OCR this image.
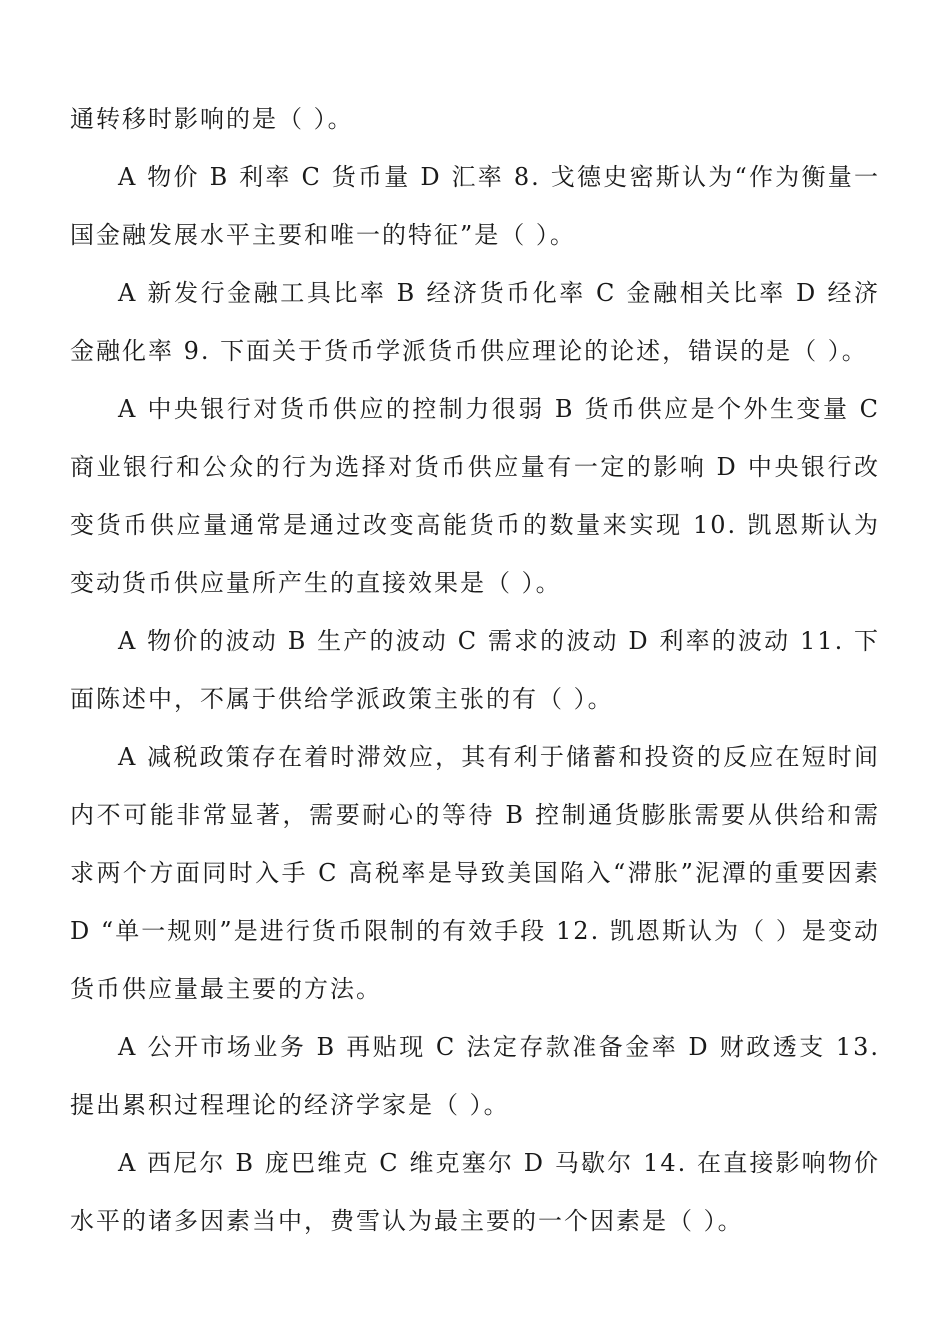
通转移时影响的是（ ）。

A 物价 B 利率 C 货币量 D 汇率 8. 戈德史密斯认为“作为衡量一国金融发展水平主要和唯一的特征”是（ ）。

A 新发行金融工具比率 B 经济货币化率 C 金融相关比率 D 经济金融化率 9. 下面关于货币学派货币供应理论的论述，错误的是（ ）。

A 中央银行对货币供应的控制力很弱 B 货币供应是个外生变量 C 商业银行和公众的行为选择对货币供应量有一定的影响 D 中央银行改变货币供应量通常是通过改变高能货币的数量来实现 10. 凯恩斯认为变动货币供应量所产生的直接效果是（ ）。

A 物价的波动 B 生产的波动 C 需求的波动 D 利率的波动 11. 下面陈述中，不属于供给学派政策主张的有（ ）。

A 减税政策存在着时滞效应，其有利于储蓄和投资的反应在短时间内不可能非常显著，需要耐心的等待 B 控制通货膨胀需要从供给和需求两个方面同时入手 C 高税率是导致美国陷入“滞胀”泥潭的重要因素 D “单一规则”是进行货币限制的有效手段 12. 凯恩斯认为（ ）是变动货币供应量最主要的方法。

A 公开市场业务 B 再贴现 C 法定存款准备金率 D 财政透支 13. 提出累积过程理论的经济学家是（ ）。

A 西尼尔 B 庞巴维克 C 维克塞尔 D 马歇尔 14. 在直接影响物价水平的诸多因素当中，费雪认为最主要的一个因素是（ ）。
